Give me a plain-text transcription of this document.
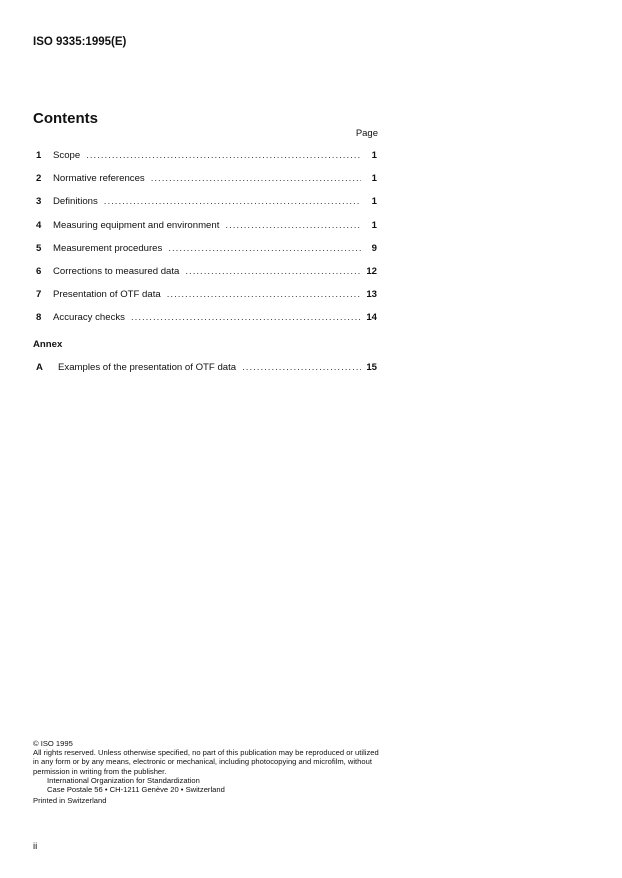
ISO 9335:1995(E)
Contents
Page
1	Scope .....	1
2	Normative references .....	1
3	Definitions .....	1
4	Measuring equipment and environment .....	1
5	Measurement procedures .....	9
6	Corrections to measured data .....	12
7	Presentation of OTF data .....	13
8	Accuracy checks .....	14
Annex
A	Examples of the presentation of OTF data .....	15
© ISO 1995
All rights reserved. Unless otherwise specified, no part of this publication may be reproduced or utilized in any form or by any means, electronic or mechanical, including photocopying and microfilm, without permission in writing from the publisher.
International Organization for Standardization
Case Postale 56 • CH-1211 Genève 20 • Switzerland
Printed in Switzerland
ii
